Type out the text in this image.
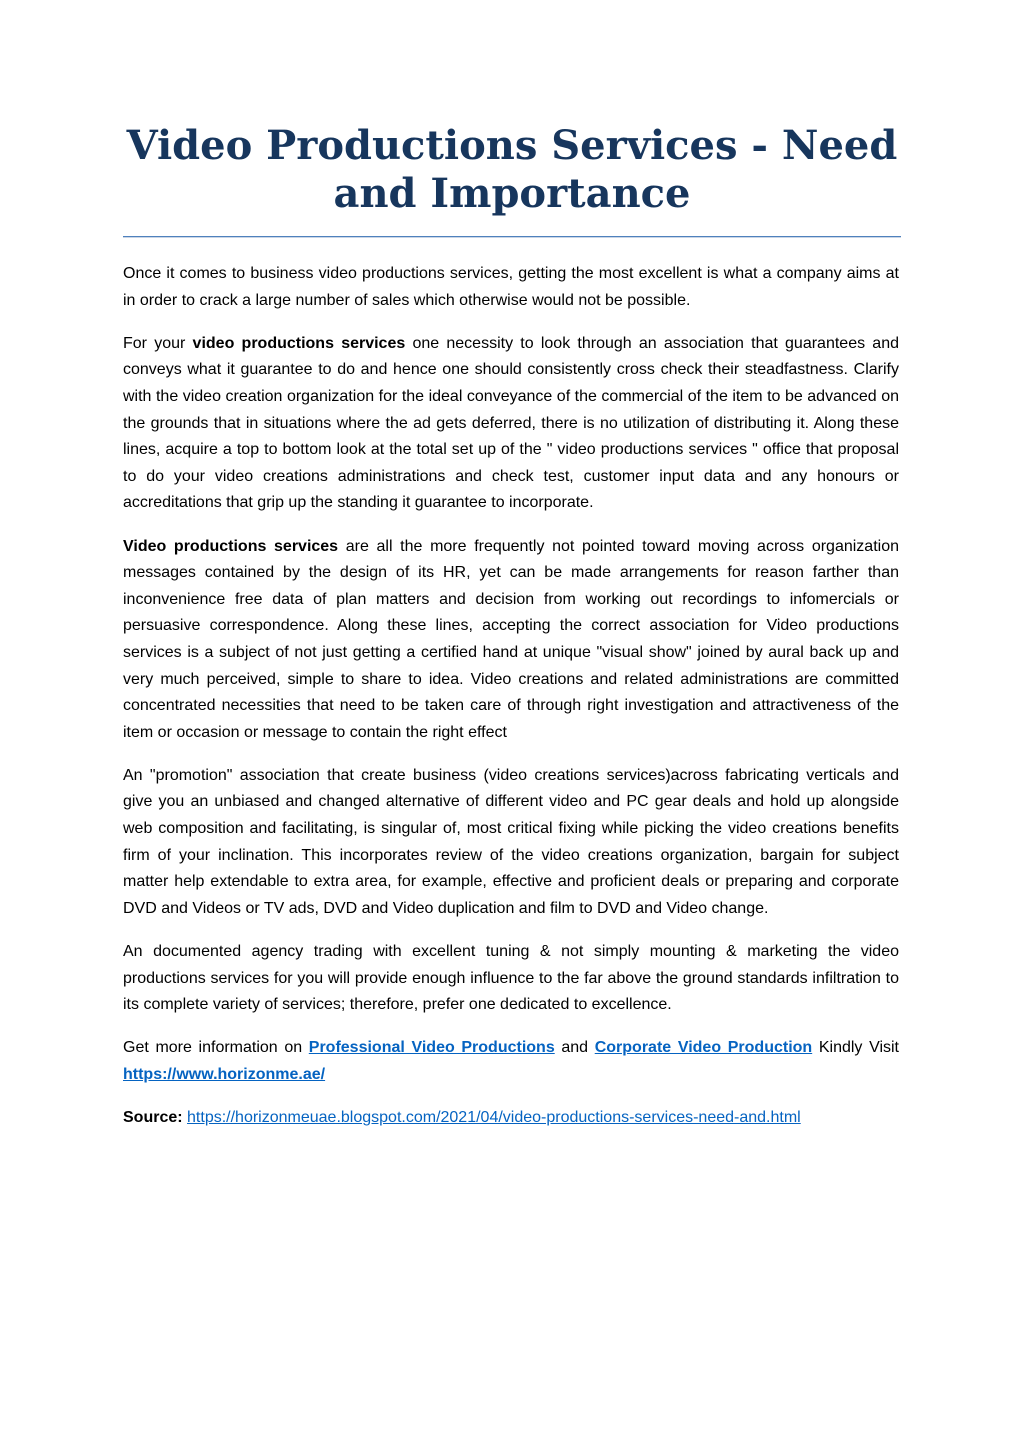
Video Productions Services - Need
and Importance

Once it comes to business video productions services, getting the most excellent is what a company aims at in order to crack a large number of sales which otherwise would not be possible.

For your video productions services one necessity to look through an association that guarantees and conveys what it guarantee to do and hence one should consistently cross check their steadfastness. Clarify with the video creation organization for the ideal conveyance of the commercial of the item to be advanced on the grounds that in situations where the ad gets deferred, there is no utilization of distributing it. Along these lines, acquire a top to bottom look at the total set up of the " video productions services " office that proposal to do your video creations administrations and check test, customer input data and any honours or accreditations that grip up the standing it guarantee to incorporate.

Video productions services are all the more frequently not pointed toward moving across organization messages contained by the design of its HR, yet can be made arrangements for reason farther than inconvenience free data of plan matters and decision from working out recordings to infomercials or persuasive correspondence. Along these lines, accepting the correct association for Video productions services is a subject of not just getting a certified hand at unique "visual show" joined by aural back up and very much perceived, simple to share to idea. Video creations and related administrations are committed concentrated necessities that need to be taken care of through right investigation and attractiveness of the item or occasion or message to contain the right effect

An "promotion" association that create business (video creations services)across fabricating verticals and give you an unbiased and changed alternative of different video and PC gear deals and hold up alongside web composition and facilitating, is singular of, most critical fixing while picking the video creations benefits firm of your inclination. This incorporates review of the video creations organization, bargain for subject matter help extendable to extra area, for example, effective and proficient deals or preparing and corporate DVD and Videos or TV ads, DVD and Video duplication and film to DVD and Video change.

An documented agency trading with excellent tuning & not simply mounting & marketing the video productions services for you will provide enough influence to the far above the ground standards infiltration to its complete variety of services; therefore, prefer one dedicated to excellence.

Get more information on Professional Video Productions and Corporate Video Production Kindly Visit https://www.horizonme.ae/

Source: https://horizonmeuae.blogspot.com/2021/04/video-productions-services-need-and.html
